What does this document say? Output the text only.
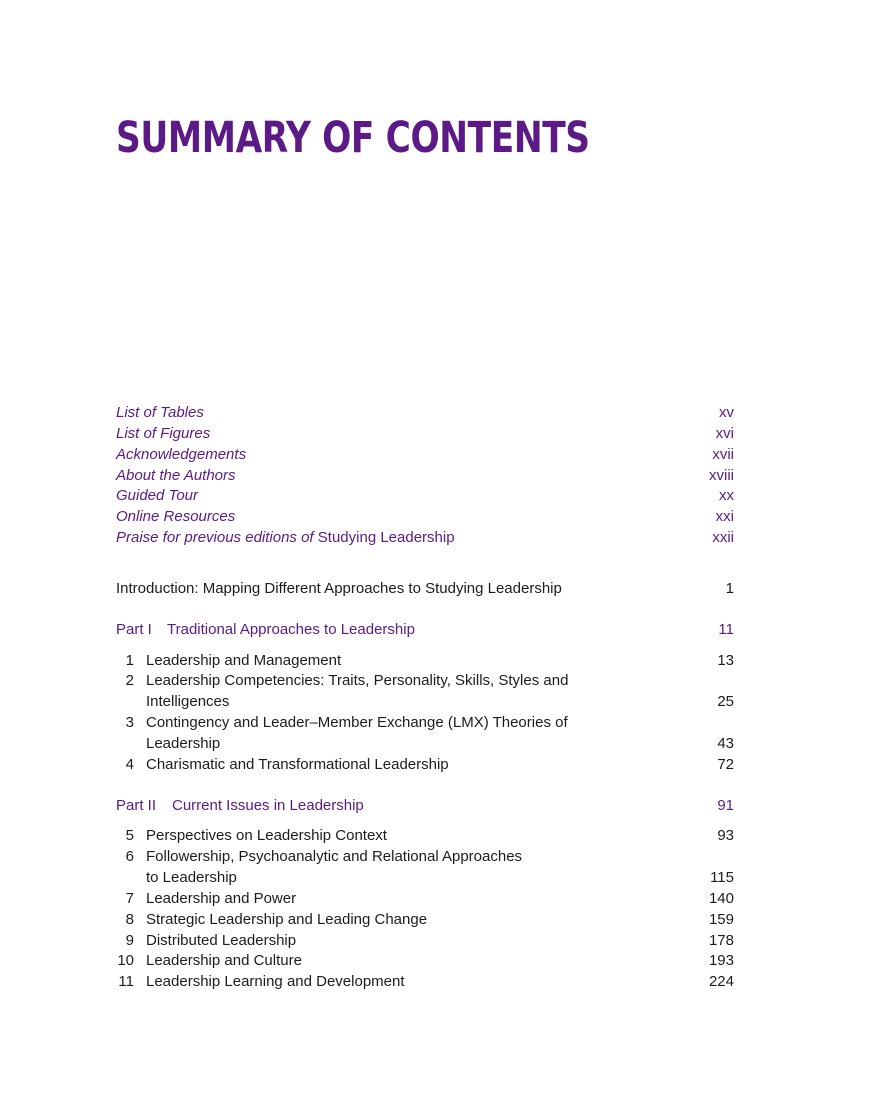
SUMMARY OF CONTENTS
List of Tables	xv
List of Figures	xvi
Acknowledgements	xvii
About the Authors	xviii
Guided Tour	xx
Online Resources	xxi
Praise for previous editions of Studying Leadership	xxii
Introduction: Mapping Different Approaches to Studying Leadership	1
Part I Traditional Approaches to Leadership	11
1 Leadership and Management	13
2 Leadership Competencies: Traits, Personality, Skills, Styles and
Intelligences	25
3 Contingency and Leader–Member Exchange (LMX) Theories of
Leadership	43
4 Charismatic and Transformational Leadership	72
Part II Current Issues in Leadership	91
5 Perspectives on Leadership Context	93
6 Followership, Psychoanalytic and Relational Approaches
to Leadership	115
7 Leadership and Power	140
8 Strategic Leadership and Leading Change	159
9 Distributed Leadership	178
10 Leadership and Culture	193
11 Leadership Learning and Development	224
